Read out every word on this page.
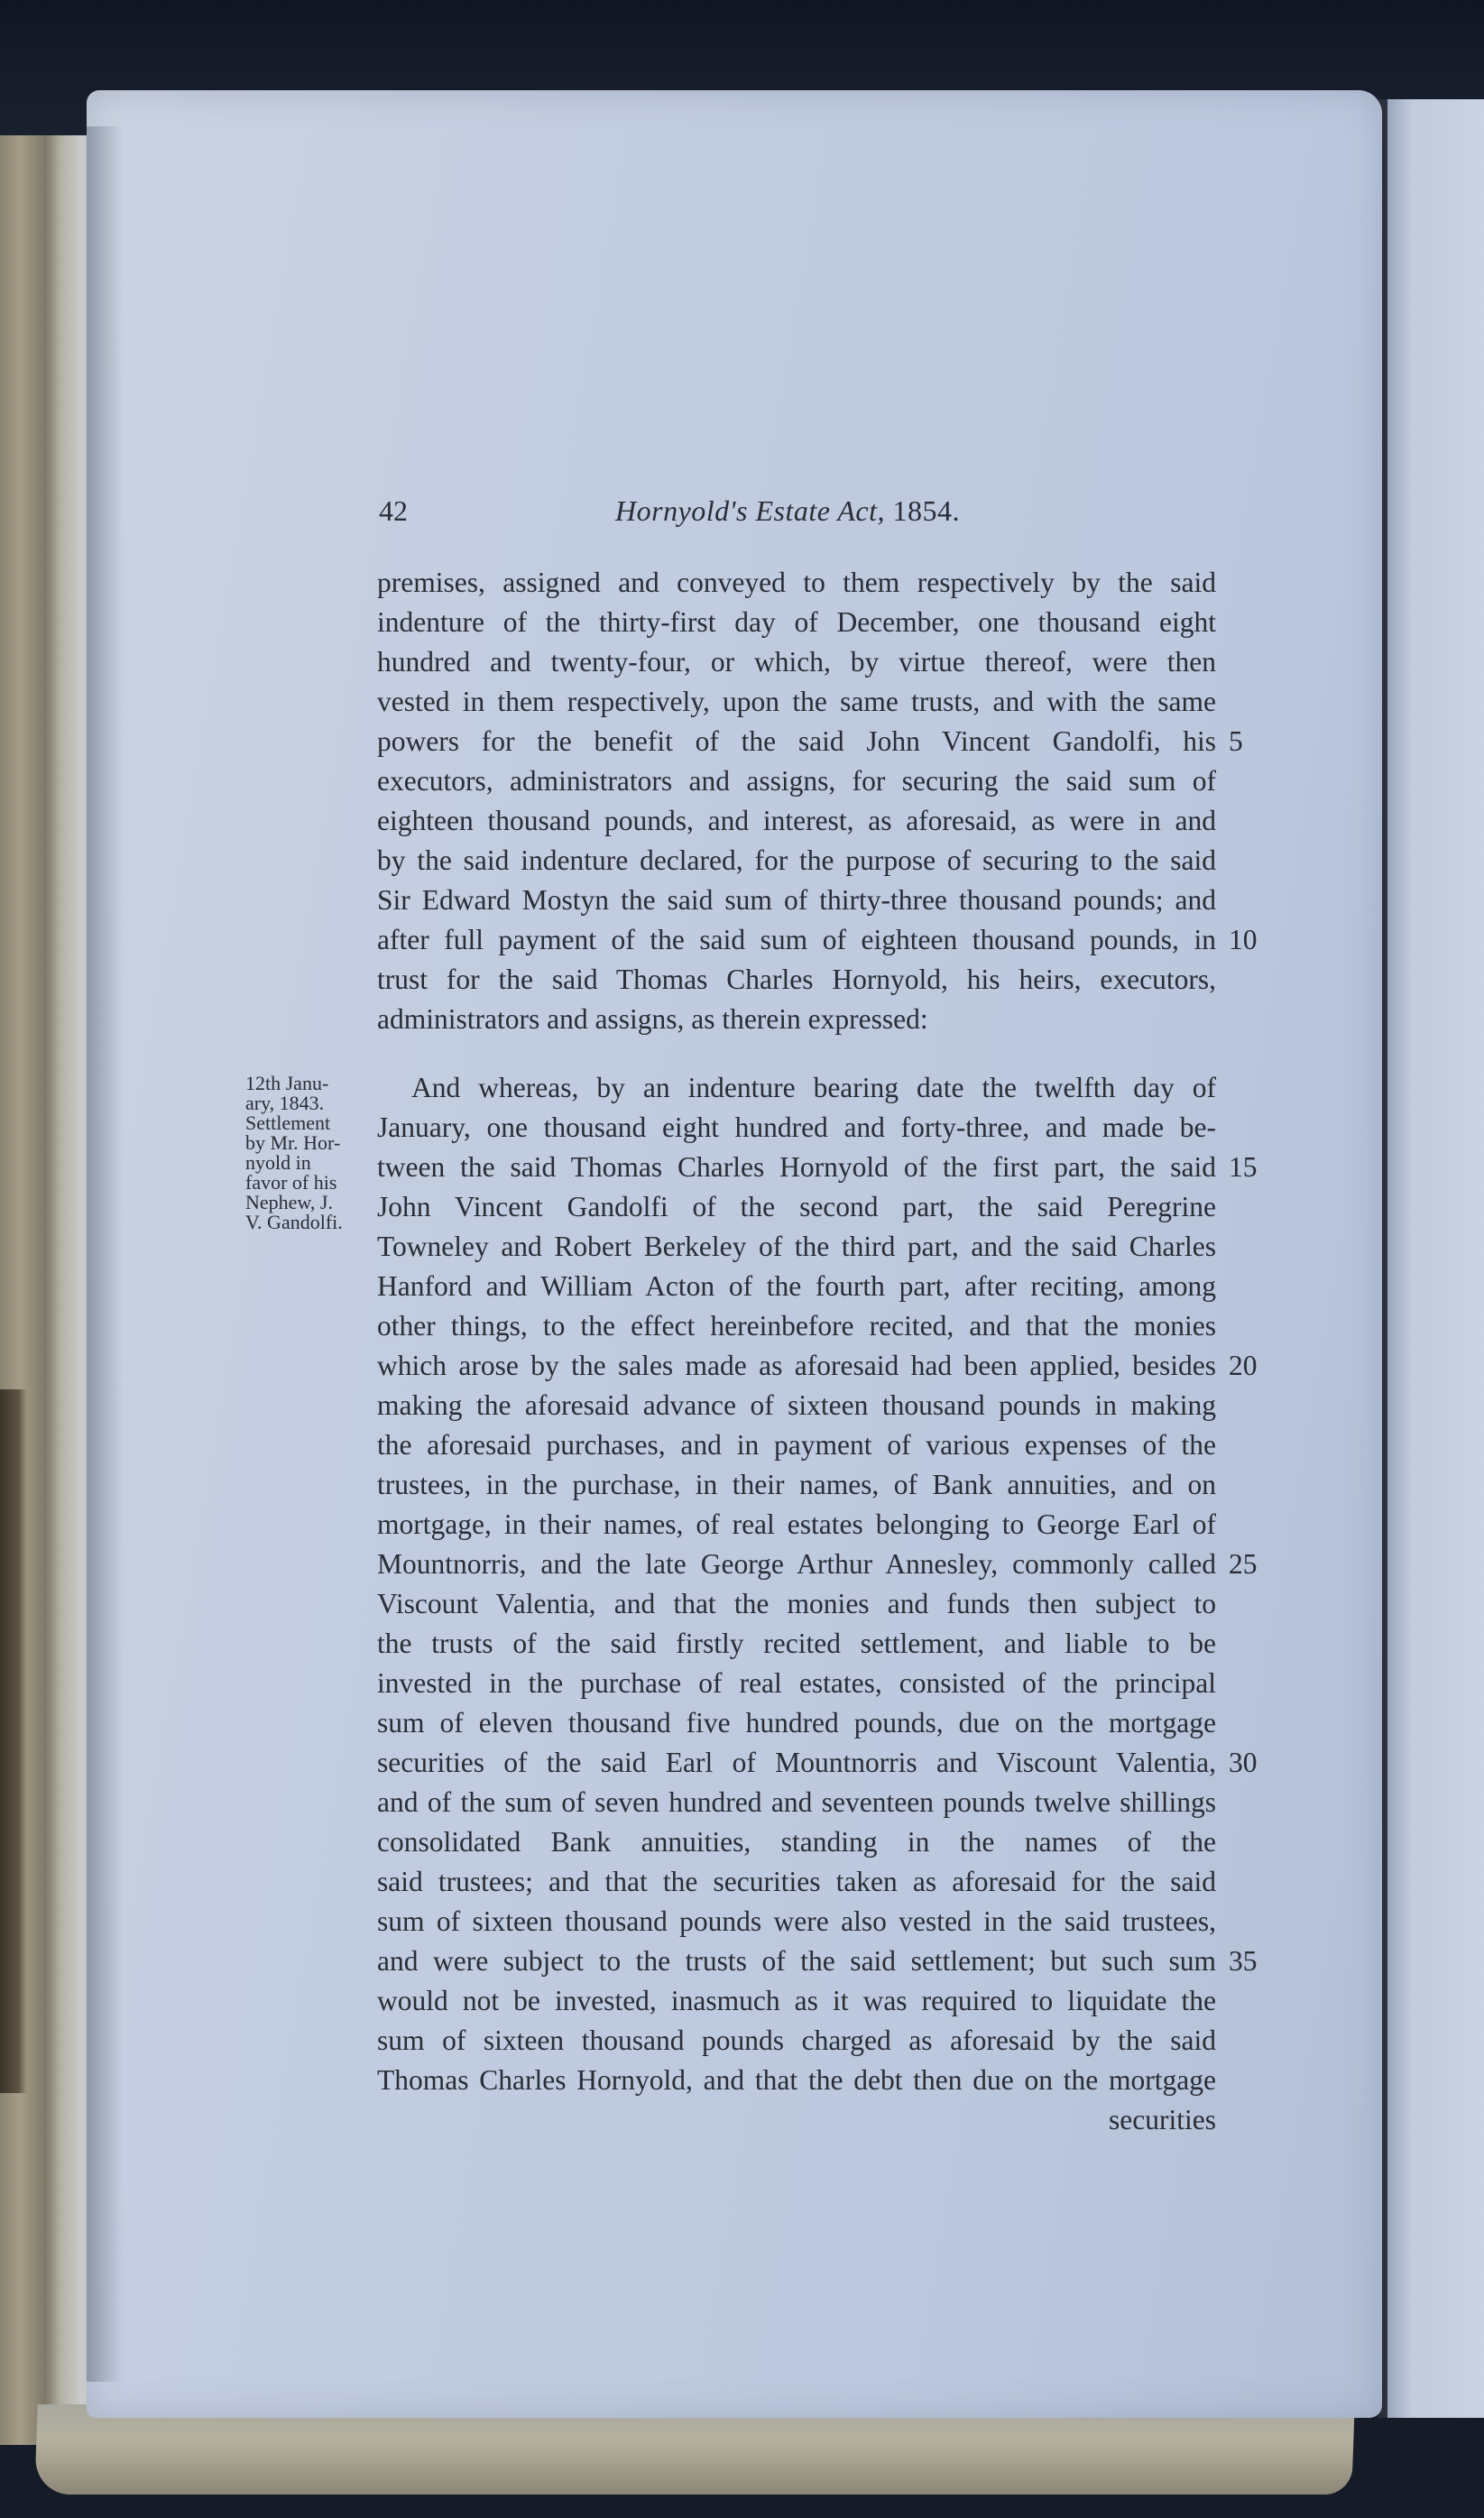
42	Hornyold's Estate Act, 1854.
12th Janu-
ary, 1843.
Settlement
by Mr. Hor-
nyold in
favor of his
Nephew, J.
V. Gandolfi.
premises, assigned and conveyed to them respectively by the said
indenture of the thirty-first day of December, one thousand eight
hundred and twenty-four, or which, by virtue thereof, were then
vested in them respectively, upon the same trusts, and with the same
powers for the benefit of the said John Vincent Gandolfi, his
executors, administrators and assigns, for securing the said sum of
eighteen thousand pounds, and interest, as aforesaid, as were in and
by the said indenture declared, for the purpose of securing to the said
Sir Edward Mostyn the said sum of thirty-three thousand pounds; and
after full payment of the said sum of eighteen thousand pounds, in
trust for the said Thomas Charles Hornyold, his heirs, executors,
administrators and assigns, as therein expressed:
And whereas, by an indenture bearing date the twelfth day of
January, one thousand eight hundred and forty-three, and made be-
tween the said Thomas Charles Hornyold of the first part, the said
John Vincent Gandolfi of the second part, the said Peregrine
Towneley and Robert Berkeley of the third part, and the said Charles
Hanford and William Acton of the fourth part, after reciting, among
other things, to the effect hereinbefore recited, and that the monies
which arose by the sales made as aforesaid had been applied, besides
making the aforesaid advance of sixteen thousand pounds in making
the aforesaid purchases, and in payment of various expenses of the
trustees, in the purchase, in their names, of Bank annuities, and on
mortgage, in their names, of real estates belonging to George Earl of
Mountnorris, and the late George Arthur Annesley, commonly called
Viscount Valentia, and that the monies and funds then subject to
the trusts of the said firstly recited settlement, and liable to be
invested in the purchase of real estates, consisted of the principal
sum of eleven thousand five hundred pounds, due on the mortgage
securities of the said Earl of Mountnorris and Viscount Valentia,
and of the sum of seven hundred and seventeen pounds twelve shillings
consolidated Bank annuities, standing in the names of the
said trustees; and that the securities taken as aforesaid for the said
sum of sixteen thousand pounds were also vested in the said trustees,
and were subject to the trusts of the said settlement; but such sum
would not be invested, inasmuch as it was required to liquidate the
sum of sixteen thousand pounds charged as aforesaid by the said
Thomas Charles Hornyold, and that the debt then due on the mortgage
securities
5
10
15
20
25
30
35
